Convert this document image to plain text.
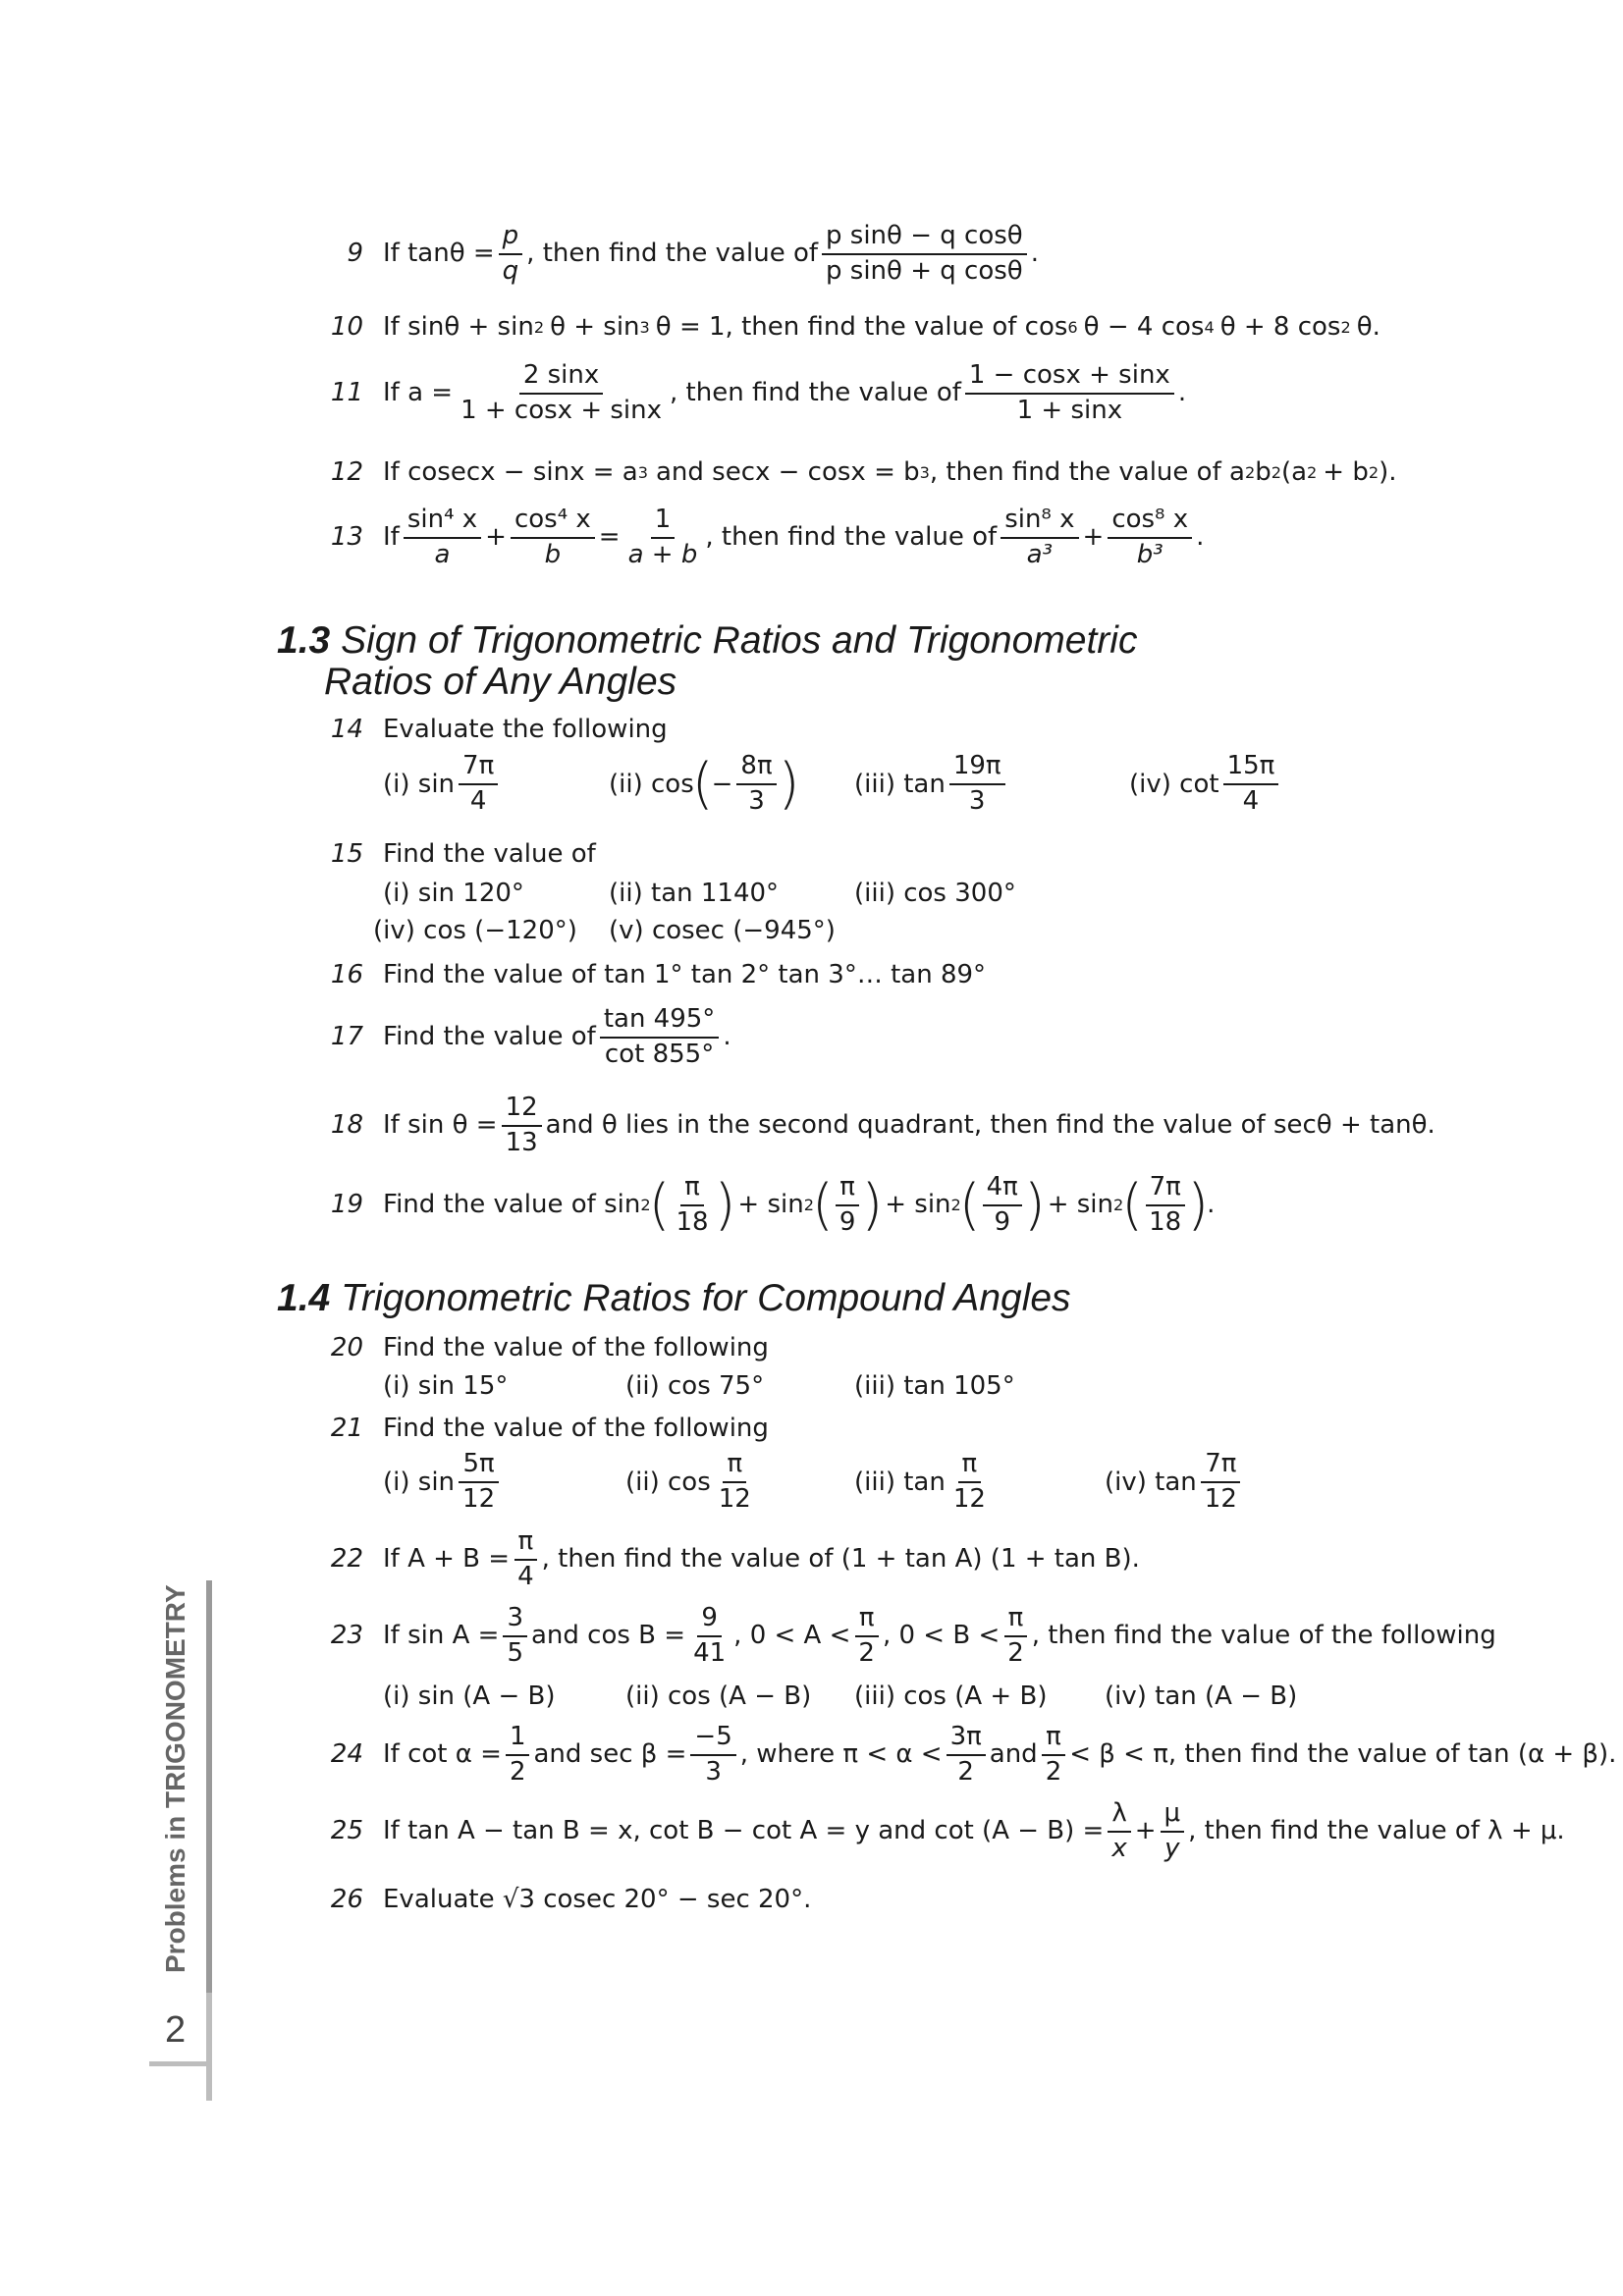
9 If $\tan\theta = \frac{p}{q}$ , then find the value of $\frac{\text{p sinθ − q cosθ}}{\text{p sinθ + q cosθ}}$ .
10 If sinθ + sin 2 θ + sin 3 θ = 1, then find the value of cos 6 θ − 4 cos 4 θ + 8 cos 2 θ.
11 If $a = \frac{2 \sin x}{1 + \cos x + \sin x}$ , then find the value of $\frac{1 - \cos x + \sin x}{1 + \sin x}$ .
12 If cosecx − sinx = a 3 and secx − cosx = b 3 , then find the value of a 2 b 2 (a 2 + b 2 ).
13 If $\frac{\text{sin⁴ x}}{a} + \frac{\text{cos⁴ x}}{b} = \frac{1}{a + b}$ , then find the value of $\frac{\text{sin⁸ x}}{\text{a³}} + \frac{\text{cos⁸ x}}{\text{b³}}$ .
1.3 Sign of Trigonometric Ratios and Trigonometric
Ratios of Any Angles
14 Evaluate the following
(i) $\sin \frac{7\pi}{4}$	(ii) cos
(
− $\frac{8\pi}{3}$ ) (iii) $\tan \frac{19\pi}{3}$	(iv) $\cot \frac{15\pi}{4}$
15 Find the value of
(i) sin 120°	(ii) tan 1140°	(iii) cos 300°
(iv) cos (−120°) (v) cosec (−945°)
16 Find the value of tan 1° tan 2° tan 3°… tan 89°
17 Find the value of $\frac{\tan 495^\circ}{\cot 855^\circ}$ .
18 If $\sin \theta = \frac{12}{13}$ and θ lies in the second quadrant, then find the value of secθ + tanθ.
19 Find the value of sin 2
( $\frac{\pi}{18}$ ) + sin 2
( $\frac{\pi}{9}$ ) + sin 2
( $\frac{4\pi}{9}$ ) + sin 2
( $\frac{7\pi}{18}$ )
.
1.4 Trigonometric Ratios for Compound Angles
20 Find the value of the following
(i) sin 15°	(ii) cos 75°	(iii) tan 105°
21 Find the value of the following
(i) $\sin \frac{5\pi}{12}$	(ii) $\cos \frac{\pi}{12}$	(iii) $\tan \frac{\pi}{12}$	(iv) $\tan \frac{7\pi}{12}$
22 If $A + B = \frac{\pi}{4}$ , then find the value of (1 + tan A) (1 + tan B).
23 If $\sin A = \frac{3}{5}$ and $\cos B = \frac{9}{41}$ , $0 < A < \frac{\pi}{2}$ , $0 < B < \frac{\pi}{2}$ , then find the value of the following
(i) sin (A − B)	(ii) cos (A − B) (iii) cos (A + B) (iv) tan (A − B)
24 If $\cot \alpha = \frac{1}{2}$ and $\sec \beta = \frac{-5}{3}$ , where $\pi < \alpha < \frac{3\pi}{2}$ and $\frac{\pi}{2} < \beta < \pi$, then find the value of tan (α + β).
25 If tan A − tan B = x, cot B − cot A = y and $\cot (A - B) = \frac{\lambda}{x} + \frac{\mu}{y}$ , then find the value of λ + μ.
26 Evaluate √3 cosec 20° − sec 20°.
Problems in TRIGONOMETRY
2
